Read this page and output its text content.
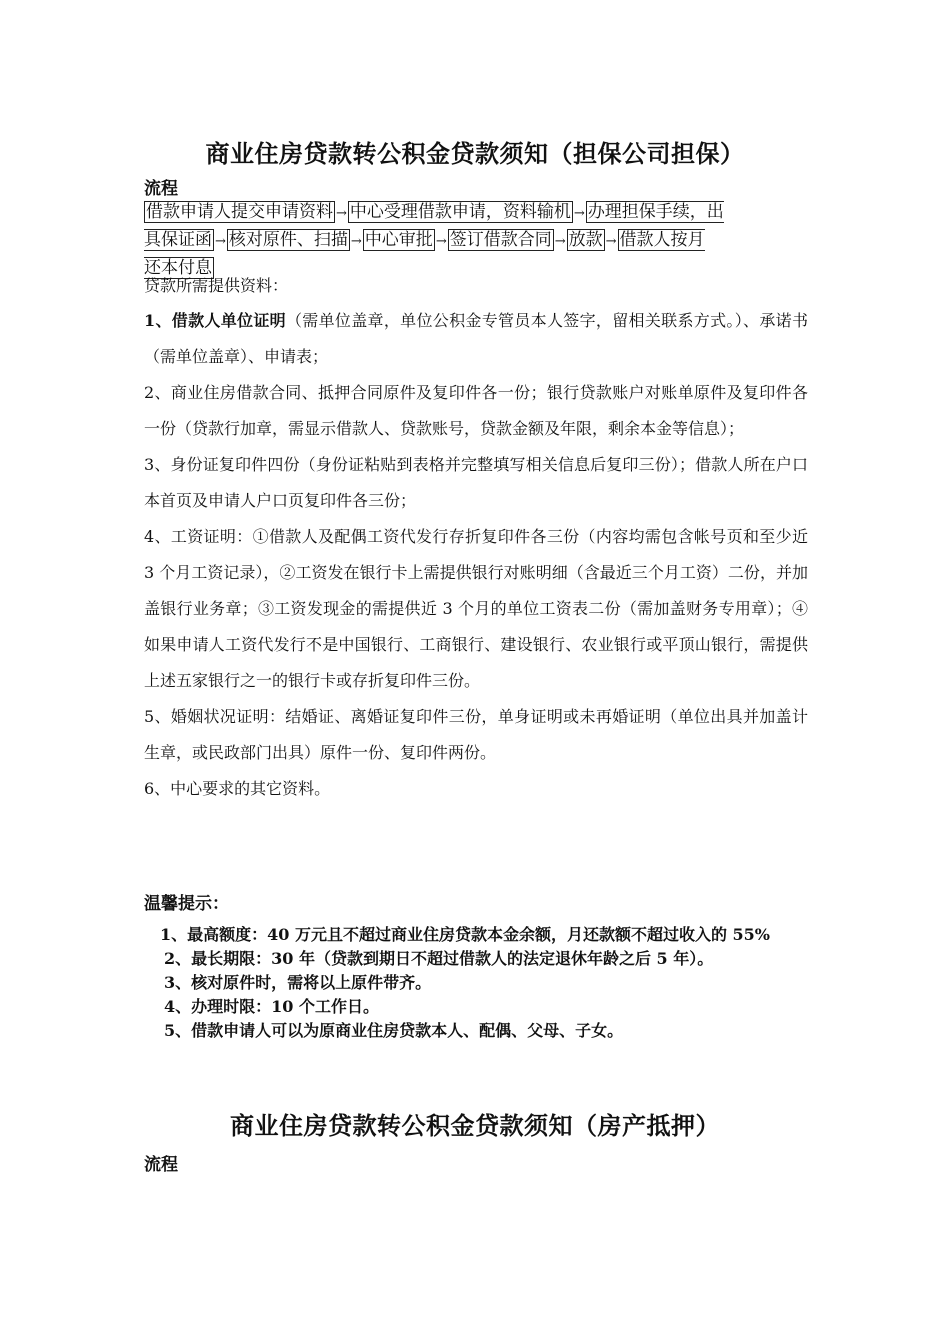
商业住房贷款转公积金贷款须知（担保公司担保）
流程
借款申请人提交申请资料 → 中心受理借款申请，资料输机 → 办理担保手续，出
具保证函 → 核对原件、扫描 → 中心审批 → 签订借款合同 → 放款 → 借款人按月
还本付息

贷款所需提供资料：

1、借款人单位证明（需单位盖章，单位公积金专管员本人签字，留相关联系方式。）、承诺书（需单位盖章）、申请表；

2、商业住房借款合同、抵押合同原件及复印件各一份；银行贷款账户对账单原件及复印件各一份（贷款行加章，需显示借款人、贷款账号，贷款金额及年限，剩余本金等信息）；

3、身份证复印件四份（身份证粘贴到表格并完整填写相关信息后复印三份）；借款人所在户口本首页及申请人户口页复印件各三份；

4、工资证明：①借款人及配偶工资代发行存折复印件各三份（内容均需包含帐号页和至少近 3 个月工资记录），②工资发在银行卡上需提供银行对账明细（含最近三个月工资）二份，并加盖银行业务章；③工资发现金的需提供近 3 个月的单位工资表二份（需加盖财务专用章）；④如果申请人工资代发行不是中国银行、工商银行、建设银行、农业银行或平顶山银行，需提供上述五家银行之一的银行卡或存折复印件三份。

5、婚姻状况证明：结婚证、离婚证复印件三份，单身证明或未再婚证明（单位出具并加盖计生章，或民政部门出具）原件一份、复印件两份。

6、中心要求的其它资料。

温馨提示：

1、最高额度：40 万元且不超过商业住房贷款本金余额，月还款额不超过收入的 55%

2、最长期限：30 年（贷款到期日不超过借款人的法定退休年龄之后 5 年）。

3、核对原件时，需将以上原件带齐。

4、办理时限：10 个工作日。

5、借款申请人可以为原商业住房贷款本人、配偶、父母、子女。

商业住房贷款转公积金贷款须知（房产抵押）
流程
